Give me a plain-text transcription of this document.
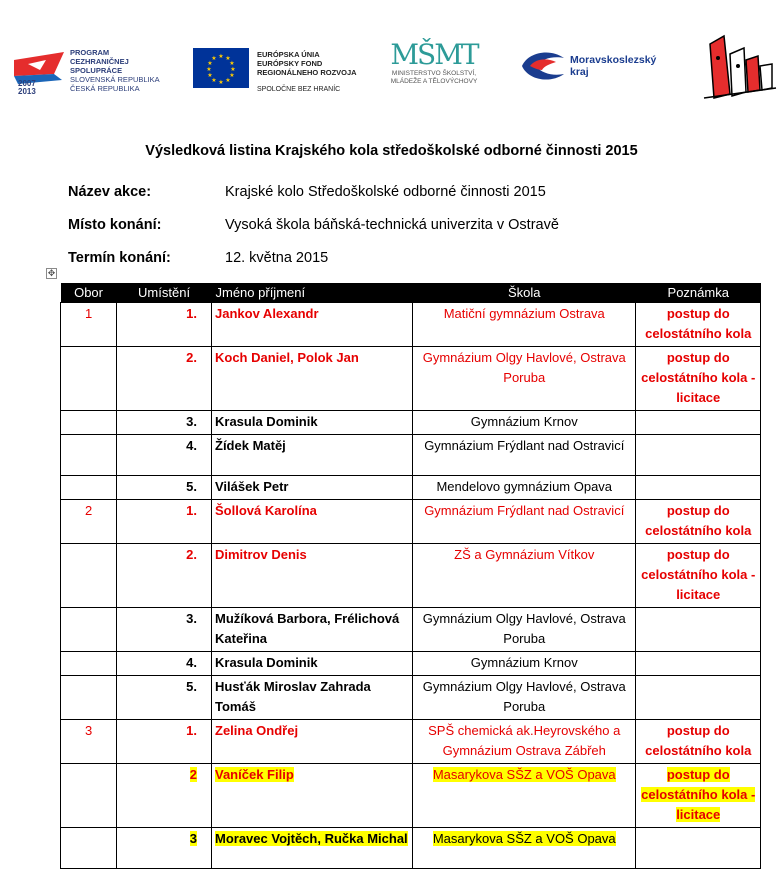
2007
2013
PROGRAM
CEZHRANIČNEJ
SPOLUPRÁCE
SLOVENSKÁ REPUBLIKA
ČESKÁ REPUBLIKA
★ ★
★
★
★
★
★
★
★
★
★
★	EURÓPSKA ÚNIA
EURÓPSKY FOND
REGIONÁLNEHO ROZVOJA
SPOLOČNE BEZ HRANÍC
MŠMT
MINISTERSTVO ŠKOLSTVÍ,
MLÁDEŽE A TĚLOVÝCHOVY
Moravskoslezský
kraj
Výsledková listina Krajského kola středoškolské odborné činnosti 2015
Název akce:	Krajské kolo Středoškolské odborné činnosti 2015
Místo konání:	Vysoká škola báňská-technická univerzita v Ostravě
Termín konání:	12. května 2015
✥
Obor	Umístění	Jméno příjmení	Škola	Poznámka
1	1.	Jankov Alexandr	Matiční gymnázium Ostrava	postup do celostátního kola
	2.	Koch Daniel, Polok Jan	Gymnázium Olgy Havlové, Ostrava Poruba	postup do celostátního kola - licitace
	3.	Krasula Dominik	Gymnázium Krnov	
	4.	Žídek Matěj	Gymnázium Frýdlant nad Ostravicí	
	5.	Vilášek Petr	Mendelovo gymnázium Opava	
2	1.	Šollová Karolína	Gymnázium Frýdlant nad Ostravicí	postup do celostátního kola
	2.	Dimitrov Denis	ZŠ a Gymnázium Vítkov	postup do celostátního kola - licitace
	3.	Mužíková Barbora, Frélichová Kateřina	Gymnázium Olgy Havlové, Ostrava Poruba	
	4.	Krasula Dominik	Gymnázium Krnov	
	5.	Husťák Miroslav Zahrada Tomáš	Gymnázium Olgy Havlové, Ostrava Poruba	
3	1.	Zelina Ondřej	SPŠ chemická ak.Heyrovského a Gymnázium Ostrava Zábřeh	postup do celostátního kola
	2	Vaníček Filip	Masarykova SŠZ a VOŠ Opava	postup do celostátního kola - licitace
	3	Moravec Vojtěch, Ručka Michal	Masarykova SŠZ a VOŠ Opava	
